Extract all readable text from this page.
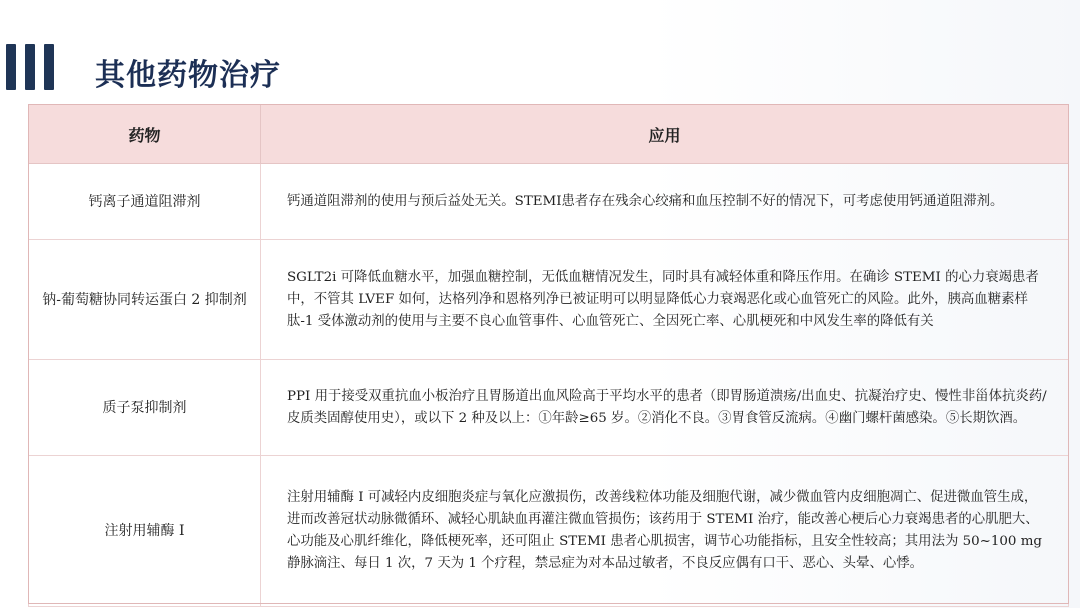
其他药物治疗
药物	应用
钙离子通道阻滞剂	钙通道阻滞剂的使用与预后益处无关。STEMI患者存在残余心绞痛和血压控制不好的情况下，可考虑使用钙通道阻滞剂。
钠-葡萄糖协同转运蛋白 2 抑制剂	SGLT2i 可降低血糖水平，加强血糖控制，无低血糖情况发生，同时具有减轻体重和降压作用。在确诊 STEMI 的心力衰竭患者中，不管其 LVEF 如何，达格列净和恩格列净已被证明可以明显降低心力衰竭恶化或心血管死亡的风险。此外，胰高血糖素样肽-1 受体激动剂的使用与主要不良心血管事件、心血管死亡、全因死亡率、心肌梗死和中风发生率的降低有关
质子泵抑制剂	PPI 用于接受双重抗血小板治疗且胃肠道出血风险高于平均水平的患者（即胃肠道溃疡/出血史、抗凝治疗史、慢性非甾体抗炎药/皮质类固醇使用史），或以下 2 种及以上：①年龄≥65 岁。②消化不良。③胃食管反流病。④幽门螺杆菌感染。⑤长期饮酒。
注射用辅酶 I	注射用辅酶 Ⅰ 可减轻内皮细胞炎症与氧化应激损伤，改善线粒体功能及细胞代谢，减少微血管内皮细胞凋亡、促进微血管生成，进而改善冠状动脉微循环、减轻心肌缺血再灌注微血管损伤；该药用于 STEMI 治疗，能改善心梗后心力衰竭患者的心肌肥大、心功能及心肌纤维化，降低梗死率，还可阻止 STEMI 患者心肌损害，调节心功能指标，且安全性较高；其用法为 50~100 mg 静脉滴注、每日 1 次，7 天为 1 个疗程，禁忌症为对本品过敏者，不良反应偶有口干、恶心、头晕、心悸。
